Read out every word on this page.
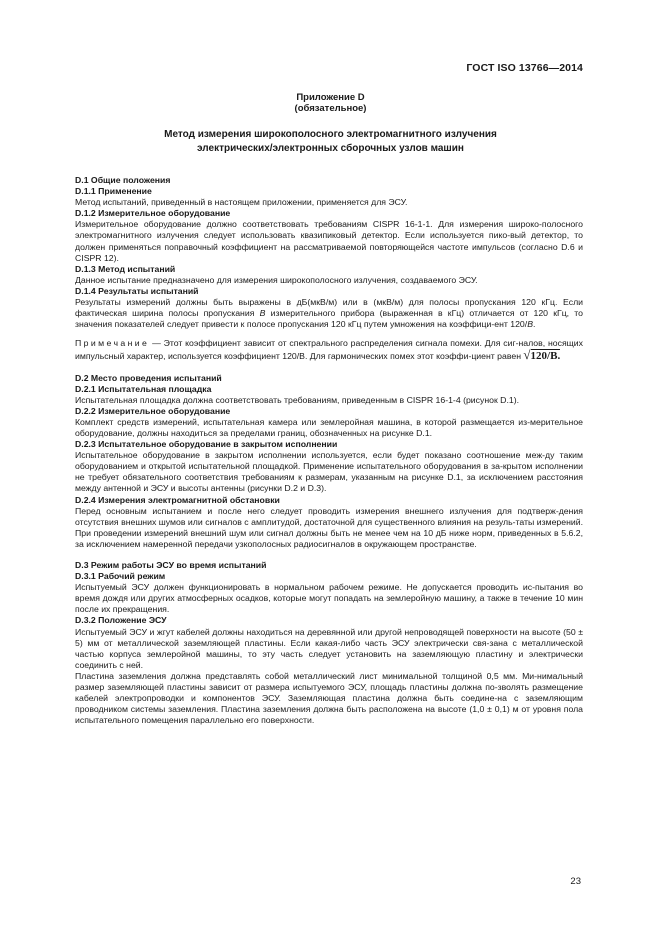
ГОСТ ISO 13766—2014
Приложение D
(обязательное)
Метод измерения широкополосного электромагнитного излучения
электрических/электронных сборочных узлов машин
D.1 Общие положения
D.1.1 Применение

Метод испытаний, приведенный в настоящем приложении, применяется для ЭСУ.

D.1.2 Измерительное оборудование

Измерительное оборудование должно соответствовать требованиям CISPR 16-1-1. Для измерения широко-полосного электромагнитного излучения следует использовать квазипиковый детектор. Если используется пико-вый детектор, то должен применяться поправочный коэффициент на рассматриваемой повторяющейся частоте импульсов (согласно D.6 и CISPR 12).

D.1.3 Метод испытаний

Данное испытание предназначено для измерения широкополосного излучения, создаваемого ЭСУ.

D.1.4 Результаты испытаний

Результаты измерений должны быть выражены в дБ(мкВ/м) или в (мкВ/м) для полосы пропускания 120 кГц. Если фактическая ширина полосы пропускания B измерительного прибора (выраженная в кГц) отличается от 120 кГц, то значения показателей следует привести к полосе пропускания 120 кГц путем умножения на коэффици-ент 120/B.

Примечание — Этот коэффициент зависит от спектрального распределения сигнала помехи. Для сиг-налов, носящих импульсный характер, используется коэффициент 120/B. Для гармонических помех этот коэффи-циент равен √120/B.

D.2 Место проведения испытаний
D.2.1 Испытательная площадка

Испытательная площадка должна соответствовать требованиям, приведенным в CISPR 16-1-4 (рисунок D.1).

D.2.2 Измерительное оборудование

Комплект средств измерений, испытательная камера или землеройная машина, в которой размещается из-мерительное оборудование, должны находиться за пределами границ, обозначенных на рисунке D.1.

D.2.3 Испытательное оборудование в закрытом исполнении

Испытательное оборудование в закрытом исполнении используется, если будет показано соотношение меж-ду таким оборудованием и открытой испытательной площадкой. Применение испытательного оборудования в за-крытом исполнении не требует обязательного соответствия требованиям к размерам, указанным на рисунке D.1, за исключением расстояния между антенной и ЭСУ и высоты антенны (рисунки D.2 и D.3).

D.2.4 Измерения электромагнитной обстановки

Перед основным испытанием и после него следует проводить измерения внешнего излучения для подтверж-дения отсутствия внешних шумов или сигналов с амплитудой, достаточной для существенного влияния на резуль-таты измерений. При проведении измерений внешний шум или сигнал должны быть не менее чем на 10 дБ ниже норм, приведенных в 5.6.2, за исключением намеренной передачи узкополосных радиосигналов в окружающем пространстве.

D.3 Режим работы ЭСУ во время испытаний
D.3.1 Рабочий режим

Испытуемый ЭСУ должен функционировать в нормальном рабочем режиме. Не допускается проводить ис-пытания во время дождя или других атмосферных осадков, которые могут попадать на землеройную машину, а также в течение 10 мин после их прекращения.

D.3.2 Положение ЭСУ

Испытуемый ЭСУ и жгут кабелей должны находиться на деревянной или другой непроводящей поверхности на высоте (50 ± 5) мм от металлической заземляющей пластины. Если какая-либо часть ЭСУ электрически свя-зана с металлической частью корпуса землеройной машины, то эту часть следует установить на заземляющую пластину и электрически соединить с ней.

Пластина заземления должна представлять собой металлический лист минимальной толщиной 0,5 мм. Ми-нимальный размер заземляющей пластины зависит от размера испытуемого ЭСУ, площадь пластины должна по-зволять размещение кабелей электропроводки и компонентов ЭСУ. Заземляющая пластина должна быть соедине-на с заземляющим проводником системы заземления. Пластина заземления должна быть расположена на высоте (1,0 ± 0,1) м от уровня пола испытательного помещения параллельно его поверхности.

23
